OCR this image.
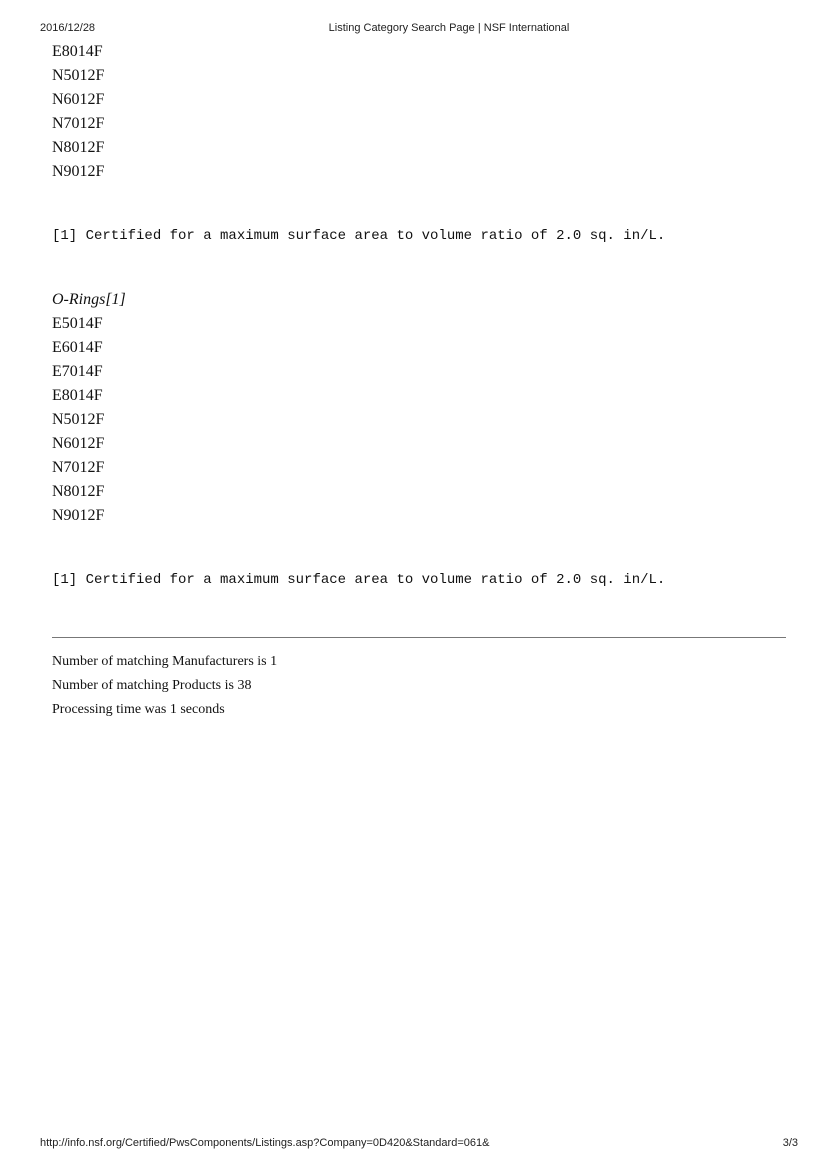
2016/12/28	Listing Category Search Page | NSF International
E8014F
N5012F
N6012F
N7012F
N8012F
N9012F

[1] Certified for a maximum surface area to volume ratio of 2.0 sq. in/L.

O-Rings[1]
E5014F
E6014F
E7014F
E8014F
N5012F
N6012F
N7012F
N8012F
N9012F

[1] Certified for a maximum surface area to volume ratio of 2.0 sq. in/L.

Number of matching Manufacturers is 1
Number of matching Products is 38
Processing time was 1 seconds
http://info.nsf.org/Certified/PwsComponents/Listings.asp?Company=0D420&Standard=061&	3/3
